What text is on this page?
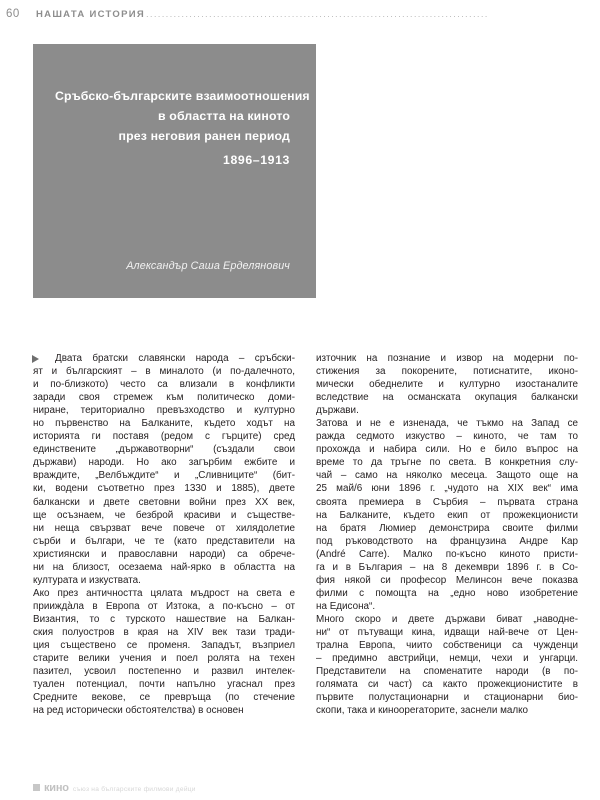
60	НАШАТА ИСТОРИЯ .......................................................................................
Сръбско-българските взаимоотношения
в областта на киното
през неговия ранен период
1896–1913
Александър Саша Ерделянович

Двата братски славянски народа – сръбски-
ят и българският – в миналото (и по-далечното,
и по-близкото) често са влизали в конфликти
заради своя стремеж към политическо доми-
ниране, териториално превъзходство и културно
но първенство на Балканите, където ходът на
историята ги поставя (редом с гърците) сред
единствените „държавотворни“ (създали свои
държави) народи. Но ако загърбим ежбите и
враждите, „Велбъждите“ и „Сливниците“ (бит-
ки, водени съответно през 1330 и 1885), двете
балкански и двете световни войни през XX век,
ще осъзнаем, че безброй красиви и съществе-
ни неща свързват вече повече от хилядолетие
сърби и българи, че те (като представители на
християнски и православни народи) са обрече-
ни на близост, осезаема най-ярко в областта на
културата и изкуствата.

Ако през античността цялата мъдрост на света е
приижда̀ла в Европа от Изтока, а по-късно – от
Византия, то с турското нашествие на Балкан-
ския полуостров в края на XIV век тази тради-
ция съществено се променя. Западът, възприел
старите велики учения и поел ролята на техен
пазител, усвоил постепенно и развил интелек-
туален потенциал, почти напълно угаснал през
Средните векове, се превръща (по стечение
на ред исторически обстоятелства) в основен

източник на познание и извор на модерни по-
стижения за покорените, потиснатите, иконо-
мически обеднелите и културно изостаналите
вследствие на османската окупация балкански
държави.

Затова и не е изненада, че тъкмо на Запад се
ражда седмото изкуство – киното, че там то
прохожда и набира сили. Но е било въпрос на
време то да тръгне по света. В конкретния слу-
чай – само на няколко месеца. Защото още на
25 май/6 юни 1896 г. „чудото на XIX век“ има
своята премиера в Сърбия – първата страна
на Балканите, където екип от прожекционисти
на братя Люмиер демонстрира своите филми
под ръководството на французина Андре Кар
(André Carre). Малко по-късно киното присти-
га и в България – на 8 декември 1896 г. в Со-
фия някой си професор Мелинсон вече показва
филми с помощта на „едно ново изобретение
на Едисона“.

Много скоро и двете държави биват „наводне-
ни“ от пътуващи кина, идващи най-вече от Цен-
трална Европа, чиито собственици са чужденци
– предимно австрийци, немци, чехи и унгарци.
Представители на споменатите народи (в по-
голямата си част) са както прожекционистите в
първите полустационарни и стационарни био-
скопи, така и киноoperaторите, заснели малко

кино съюз на българските филмови дейци
